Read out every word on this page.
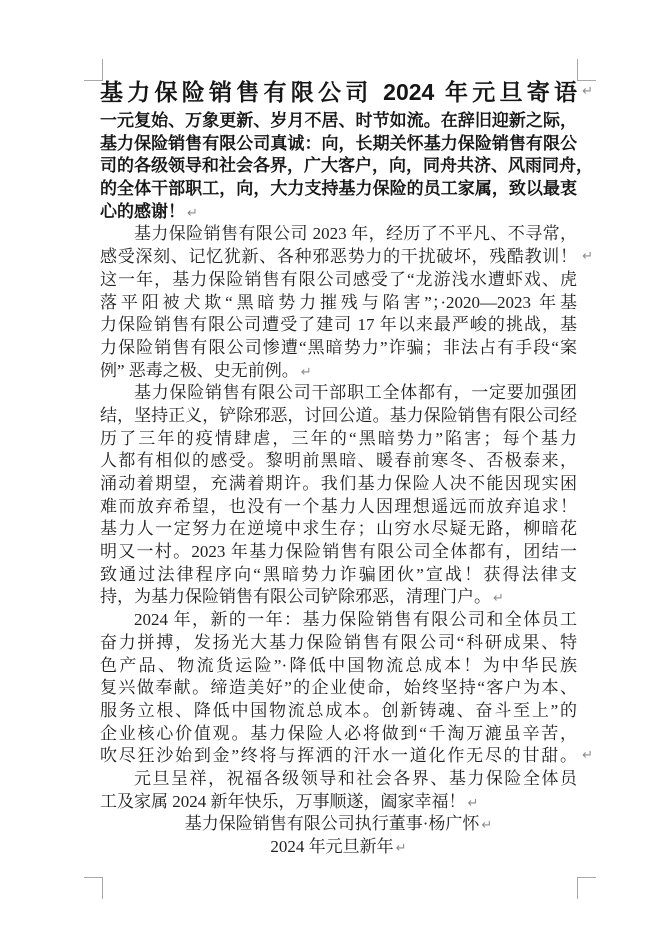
基力保险销售有限公司 2024 年元旦寄语 ↵
一元复始、万象更新、岁月不居、时节如流。在辞旧迎新之际，
基力保险销售有限公司真诚：向，长期关怀基力保险销售有限公
司的各级领导和社会各界，广大客户，向，同舟共济、风雨同舟，
的全体干部职工，向，大力支持基力保险的员工家属，致以最衷
心的感谢！ ↵
基力保险销售有限公司 2023 年，经历了不平凡、不寻常，
感受深刻、记忆犹新、各种邪恶势力的干扰破坏，残酷教训！ ↵
这一年，基力保险销售有限公司感受了“龙游浅水遭虾戏、虎
落平阳被犬欺“黑暗势力摧残与陷害”；·2020—2023 年基
力保险销售有限公司遭受了建司 17 年以来最严峻的挑战，基
力保险销售有限公司惨遭“黑暗势力”诈骗；非法占有手段“案
例” 恶毒之极、史无前例。 ↵
基力保险销售有限公司干部职工全体都有，一定要加强团
结，坚持正义，铲除邪恶，讨回公道。基力保险销售有限公司经
历了三年的疫情肆虐，三年的“黑暗势力”陷害；每个基力
人都有相似的感受。黎明前黑暗、暖春前寒冬、否极泰来，
涌动着期望，充满着期许。我们基力保险人决不能因现实困
难而放弃希望，也没有一个基力人因理想遥远而放弃追求！
基力人一定努力在逆境中求生存；山穷水尽疑无路，柳暗花
明又一村。2023 年基力保险销售有限公司全体都有，团结一
致通过法律程序向“黑暗势力诈骗团伙”宣战！获得法律支
持，为基力保险销售有限公司铲除邪恶，清理门户。 ↵
2024 年，新的一年：基力保险销售有限公司和全体员工
奋力拼搏，发扬光大基力保险销售有限公司“科研成果、特
色产品、物流货运险”·降低中国物流总成本！为中华民族
复兴做奉献。缔造美好”的企业使命，始终坚持“客户为本、
服务立根、降低中国物流总成本。创新铸魂、奋斗至上”的
企业核心价值观。基力保险人必将做到“千淘万漉虽辛苦，
吹尽狂沙始到金”终将与挥洒的汗水一道化作无尽的甘甜。 ↵
元旦呈祥，祝福各级领导和社会各界、基力保险全体员
工及家属 2024 新年快乐，万事顺遂，阖家幸福！ ↵
基力保险销售有限公司执行董事·杨广怀 ↵
2024 年元旦新年 ↵
